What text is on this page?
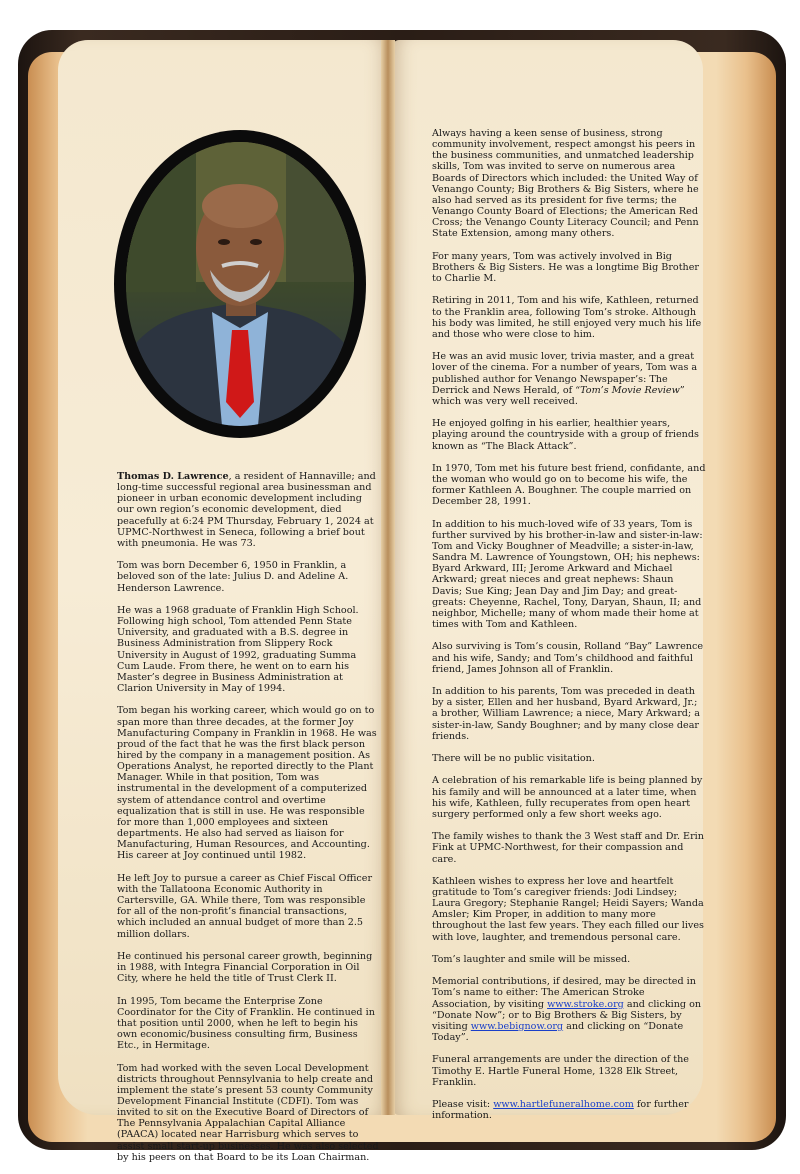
Thomas D. Lawrence, a resident of Hannaville; and long-time successful regional area businessman and pioneer in urban economic development including our own region’s economic development, died peacefully at 6:24 PM Thursday, February 1, 2024 at UPMC-Northwest in Seneca, following a brief bout with pneumonia. He was 73.

Tom was born December 6, 1950 in Franklin, a beloved son of the late: Julius D. and Adeline A. Henderson Lawrence.

He was a 1968 graduate of Franklin High School. Following high school, Tom attended Penn State University, and graduated with a B.S. degree in Business Administration from Slippery Rock University in August of 1992, graduating Summa Cum Laude. From there, he went on to earn his Master’s degree in Business Administration at Clarion University in May of 1994.

Tom began his working career, which would go on to span more than three decades, at the former Joy Manufacturing Company in Franklin in 1968. He was proud of the fact that he was the first black person hired by the company in a management position. As Operations Analyst, he reported directly to the Plant Manager. While in that position, Tom was instrumental in the development of a computerized system of attendance control and overtime equalization that is still in use. He was responsible for more than 1,000 employees and sixteen departments. He also had served as liaison for Manufacturing, Human Resources, and Accounting. His career at Joy continued until 1982.

He left Joy to pursue a career as Chief Fiscal Officer with the Tallatoona Economic Authority in Cartersville, GA. While there, Tom was responsible for all of the non-profit’s financial transactions, which included an annual budget of more than 2.5 million dollars.

He continued his personal career growth, beginning in 1988, with Integra Financial Corporation in Oil City, where he held the title of Trust Clerk II.

In 1995, Tom became the Enterprise Zone Coordinator for the City of Franklin. He continued in that position until 2000, when he left to begin his own economic/business consulting firm, Business Etc., in Hermitage.

Tom had worked with the seven Local Development districts throughout Pennsylvania to help create and implement the state’s present 53 county Community Development Financial Institute (CDFI). Tom was invited to sit on the Executive Board of Directors of The Pennsylvania Appalachian Capital Alliance (PAACA) located near Harrisburg which serves to assist small start-up businesses. He was also selected by his peers on that Board to be its Loan Chairman.

Always having a keen sense of business, strong community involvement, respect amongst his peers in the business communities, and unmatched leadership skills, Tom was invited to serve on numerous area Boards of Directors which included: the United Way of Venango County; Big Brothers & Big Sisters, where he also had served as its president for five terms; the Venango County Board of Elections; the American Red Cross; the Venango County Literacy Council; and Penn State Extension, among many others.

For many years, Tom was actively involved in Big Brothers & Big Sisters. He was a longtime Big Brother to Charlie M.

Retiring in 2011, Tom and his wife, Kathleen, returned to the Franklin area, following Tom’s stroke. Although his body was limited, he still enjoyed very much his life and those who were close to him.

He was an avid music lover, trivia master, and a great lover of the cinema. For a number of years, Tom was a published author for Venango Newspaper’s: The Derrick and News Herald, of “Tom’s Movie Review” which was very well received.

He enjoyed golfing in his earlier, healthier years, playing around the countryside with a group of friends known as “The Black Attack”.

In 1970, Tom met his future best friend, confidante, and the woman who would go on to become his wife, the former Kathleen A. Boughner. The couple married on December 28, 1991.

In addition to his much-loved wife of 33 years, Tom is further survived by his brother-in-law and sister-in-law: Tom and Vicky Boughner of Meadville; a sister-in-law, Sandra M. Lawrence of Youngstown, OH; his nephews: Byard Arkward, III; Jerome Arkward and Michael Arkward; great nieces and great nephews: Shaun Davis; Sue King; Jean Day and Jim Day; and great-greats: Cheyenne, Rachel, Tony, Daryan, Shaun, II; and neighbor, Michelle; many of whom made their home at times with Tom and Kathleen.

Also surviving is Tom’s cousin, Rolland “Bay” Lawrence and his wife, Sandy; and Tom’s childhood and faithful friend, James Johnson all of Franklin.

In addition to his parents, Tom was preceded in death by a sister, Ellen and her husband, Byard Arkward, Jr.; a brother, William Lawrence; a niece, Mary Arkward; a sister-in-law, Sandy Boughner; and by many close dear friends.

There will be no public visitation.

A celebration of his remarkable life is being planned by his family and will be announced at a later time, when his wife, Kathleen, fully recuperates from open heart surgery performed only a few short weeks ago.

The family wishes to thank the 3 West staff and Dr. Erin Fink at UPMC-Northwest, for their compassion and care.

Kathleen wishes to express her love and heartfelt gratitude to Tom’s caregiver friends: Jodi Lindsey; Laura Gregory; Stephanie Rangel; Heidi Sayers; Wanda Amsler; Kim Proper, in addition to many more throughout the last few years. They each filled our lives with love, laughter, and tremendous personal care.

Tom’s laughter and smile will be missed.

Memorial contributions, if desired, may be directed in Tom’s name to either: The American Stroke Association, by visiting www.stroke.org and clicking on “Donate Now”; or to Big Brothers & Big Sisters, by visiting www.bebignow.org and clicking on “Donate Today”.

Funeral arrangements are under the direction of the Timothy E. Hartle Funeral Home, 1328 Elk Street, Franklin.

Please visit: www.hartlefuneralhome.com for further information.
